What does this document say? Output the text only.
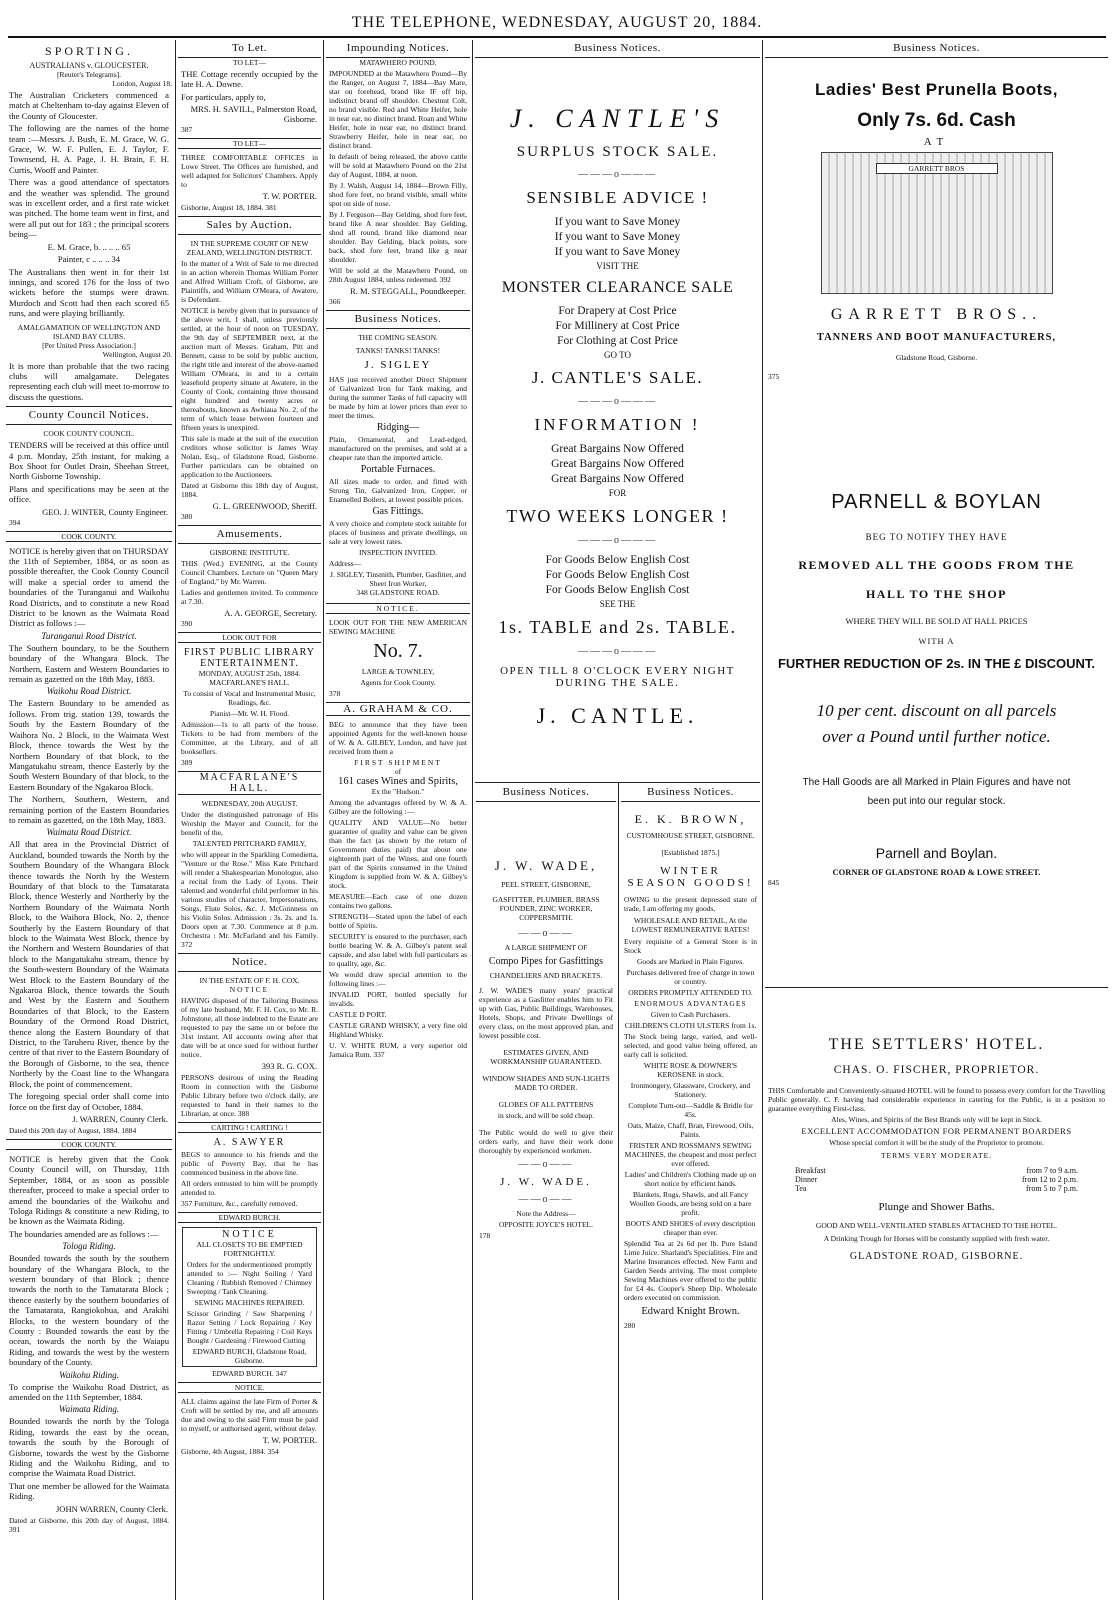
THE TELEPHONE, WEDNESDAY, AUGUST 20, 1884.
SPORTING.
AUSTRALIANS v. GLOUCESTER.
[Reuter's Telegrams].
London, August 18.

The Australian Cricketers commenced a match at Cheltenham to-day against Eleven of the County of Gloucester.

The following are the names of the home team :—Messrs. J. Bush, E. M. Grace, W. G. Grace, W. W. F. Pullen, E. J. Taylor, F. Townsend, H. A. Page, J. H. Brain, F. H. Curtis, Wooff and Painter.

There was a good attendance of spectators and the weather was splendid. The ground was in excellent order, and a first rate wicket was pitched. The home team went in first, and were all put out for 183 ; the principal scorers being—

E. M. Grace, b. .. .. .. 65

Painter, c .. .. .. 34

The Australians then went in for their 1st innings, and scored 176 for the loss of two wickets before the stumps were drawn. Murdoch and Scott had then each scored 65 runs, and were playing brilliantly.

AMALGAMATION OF WELLINGTON AND ISLAND BAY CLUBS.
[Per United Press Association.]
Wellington, August 20.

It is more than probable that the two racing clubs will amalgamate. Delegates representing each club will meet to-morrow to discuss the questions.

County Council Notices.
COOK COUNTY COUNCIL.

TENDERS will be received at this office until 4 p.m. Monday, 25th instant, for making a Box Shoot for Outlet Drain, Sheehan Street, North Gisborne Township.

Plans and specifications may be seen at the office.

GEO. J. WINTER, County Engineer.
394
COOK COUNTY.

NOTICE is hereby given that on THURSDAY the 11th of September, 1884, or as soon as possible thereafter, the Cook County Council will make a special order to amend the boundaries of the Turanganui and Waikohu Road Districts, and to constitute a new Road District to be known as the Waimata Road District as follows :—

Turanganui Road District.

The Southern boundary, to be the Southern boundary of the Whangara Block. The Northern, Eastern and Western Boundaries to remain as gazetted on the 18th May, 1883.

Waikohu Road District.

The Eastern Boundary to be amended as follows. From trig. station 139, towards the South by the Eastern Boundary of the Waihora No. 2 Block, to the Waimata West Block, thence towards the West by the Northern Boundary of that block, to the Mangatukahu stream, thence Easterly by the South Western Boundary of that block, to the Eastern Boundary of the Ngakaroa Block.

The Northern, Southern, Western, and remaining portion of the Eastern Boundaries to remain as gazetted, on the 18th May, 1883.

Waimata Road District.

All that area in the Provincial District of Auckland, bounded towards the North by the Southern Boundary of the Whangara Block thence towards the North by the Western Boundary of that block to the Tamatarata Block, thence Westerly and Northerly by the Northern Boundary of the Waimata North Block, to the Waihora Block, No. 2, thence Southerly by the Eastern Boundary of that block to the Waimata West Block, thence by the Northern and Western Boundaries of that block to the Mangatukahu stream, thence by the South-western Boundary of the Waimata West Block to the Eastern Boundary of the Ngakaroa Block, thence towards the South and West by the Eastern and Southern Boundaries of that Block, to the Eastern Boundary of the Ormond Road District, thence along the Eastern Boundary of that District, to the Taruheru River, thence by the centre of that river to the Eastern Boundary of the Borough of Gisborne, to the sea, thence Northerly by the Coast line to the Whangara Block, the point of commencement.

The foregoing special order shall come into force on the first day of October, 1884.

J. WARREN, County Clerk.

Dated this 20th day of August, 1884. 1884

COOK COUNTY.

NOTICE is hereby given that the Cook County Council will, on Thursday, 11th September, 1884, or as soon as possible thereafter, proceed to make a special order to amend the boundaries of the Waikohu and Tologa Ridings & constitute a new Riding, to be known as the Waimata Riding.

The boundaries amended are as follows :—

Tologa Riding.

Bounded towards the south by the southern boundary of the Whangara Block, to the western boundary of that Block ; thence towards the north to the Tamatarata Block ; thence easterly by the southern boundaries of the Tamatarata, Rangiokohua, and Arakihi Blocks, to the western boundary of the County : Bounded towards the east by the ocean, towards the north by the Waiapu Riding, and towards the west by the western boundary of the County.

Waikohu Riding.

To comprise the Waikohu Road District, as amended on the 11th September, 1884.

Waimata Riding.

Bounded towards the north by the Tologa Riding, towards the east by the ocean, towards the south by the Borough of Gisborne, towards the west by the Gisborne Riding and the Waikohu Riding, and to comprise the Waimata Road District.

That one member be allowed for the Waimata Riding.

JOHN WARREN, County Clerk.

Dated at Gisborne, this 20th day of August, 1884. 391

To Let.
TO LET—

THE Cottage recently occupied by the late H. A. Downe.

For particulars, apply to,

MRS. H. SAVILL, Palmerston Road, Gisborne.
387
TO LET—

THREE COMFORTABLE OFFICES in Lowe Street. The Offices are furnished, and well adapted for Solicitors' Chambers. Apply to

T. W. PORTER.

Gisborne, August 18, 1884. 381

Sales by Auction.
IN THE SUPREME COURT OF NEW ZEALAND, WELLINGTON DISTRICT.

In the matter of a Writ of Sale to me directed in an action wherein Thomas William Porter and Alfred William Croft, of Gisborne, are Plaintiffs, and William O'Meara, of Awatere, is Defendant.

NOTICE is hereby given that in pursuance of the above writ, I shall, unless previously settled, at the hour of noon on TUESDAY, the 9th day of SEPTEMBER next, at the auction mart of Messrs. Graham, Pitt and Bennett, cause to be sold by public auction, the right title and interest of the above-named William O'Meara, in and to a certain leasehold property situate at Awatere, in the County of Cook, containing three thousand eight hundred and twenty acres or thereabouts, known as Awhiaua No. 2, of the term of which lease between fourteen and fifteen years is unexpired.

This sale is made at the suit of the execution creditors whose solicitor is James Wray Nolan, Esq., of Gladstone Road, Gisborne. Further particulars can be obtained on application to the Auctioneers.

Dated at Gisborne this 18th day of August, 1884.

G. L. GREENWOOD, Sheriff.
380
Amusements.
GISBORNE INSTITUTE.

THIS (Wed.) EVENING, at the County Council Chambers. Lecture on "Queen Mary of England," by Mr. Warren.

Ladies and gentlemen invited. To commence at 7.30.

A. A. GEORGE, Secretary.
390
LOOK OUT FOR
FIRST PUBLIC LIBRARY ENTERTAINMENT.
MONDAY, AUGUST 25th, 1884.
MACFARLANE'S HALL.

To consist of Vocal and Instrumental Music, Readings, &c.

Pianist—Mr. W. H. Flood.

Admission—1s to all parts of the house. Tickets to be had from members of the Committee, at the Library, and of all booksellers.

389
MACFARLANE'S HALL.
WEDNESDAY, 20th AUGUST.

Under the distinguished patronage of His Worship the Mayor and Council, for the benefit of the,

TALENTED PRITCHARD FAMILY,

who will appear in the Sparkling Comedietta, "Venture or the Rose." Miss Kate Pritchard will render a Shakespearian Monologue, also a recital from the Lady of Lyons. Their talented and wonderful child performer in his various studies of character, Impersonations, Songs, Flute Solos, &c. J. McGuinness on his Violin Solos. Admission : 3s. 2s. and 1s. Doors open at 7.30. Commence at 8 p.m. Orchestra : Mr. McFarland and his Family. 372

Notice.
IN THE ESTATE OF F. H. COX.
NOTICE

HAVING disposed of the Tailoring Business of my late husband, Mr. F. H. Cox, to Mr. R. Johnstone, all those indebted to the Estate are requested to pay the same on or before the 31st instant. All accounts owing after that date will be at once sued for without further notice.

393 R. G. COX.

PERSONS desirous of using the Reading Room in connection with the Gisborne Public Library before two o'clock daily, are requested to hand in their names to the Librarian, at once. 388

CARTING ! CARTING !
A. SAWYER

BEGS to announce to his friends and the public of Poverty Bay, that he has commenced business in the above line.

All orders entrusted to him will be promptly attended to.

357 Furniture, &c., carefully removed.

EDWARD BURCH.
NOTICE
ALL CLOSETS TO BE EMPTIED FORTNIGHTLY.

Orders for the undermentioned promptly attended to :— Night Soiling / Yard Cleaning / Rubbish Removed / Chimney Sweeping / Tank Cleaning.

SEWING MACHINES REPAIRED.

Scissor Grinding / Saw Sharpening / Razor Setting / Lock Repairing / Key Fitting / Umbrella Repairing / Coil Keys Bought / Gardening / Firewood Cutting

EDWARD BURCH, Gladstone Road, Gisborne.
EDWARD BURCH. 347
NOTICE.

ALL claims against the late Firm of Porter & Croft will be settled by me, and all amounts due and owing to the said Firm must be paid to myself, or authorised agent, without delay.

T. W. PORTER.

Gisborne, 4th August, 1884. 354

Impounding Notices.
MATAWHERO POUND.

IMPOUNDED at the Matawhero Pound—By the Ranger, on August 7, 1884—Bay Mare, star on forehead, brand like IF off hip, indistinct brand off shoulder. Chestnut Colt, no brand visible. Red and White Heifer, hole in near ear, no distinct brand. Roan and White Heifer, hole in near ear, no distinct brand. Strawberry Heifer, hole in near ear, no distinct brand.

In default of being released, the above cattle will be sold at Matawhero Pound on the 21st day of August, 1884, at noon.

By J. Walsh, August 14, 1884—Brown Filly, shod fore feet, no brand visible, small white spot on side of nose.

By J. Ferguson—Bay Gelding, shod fore feet, brand like A near shoulder. Bay Gelding, shod all round, brand like diamond near shoulder. Bay Gelding, black points, sore back, shod fore feet, brand like g near shoulder.

Will be sold at the Matawhero Pound, on 28th August 1884, unless redeemed. 392

R. M. STEGGALL, Poundkeeper.
366
Business Notices.
THE COMING SEASON.
TANKS! TANKS! TANKS!
J. SIGLEY

HAS just received another Direct Shipment of Galvanized Iron for Tank making, and during the summer Tanks of full capacity will be made by him at lower prices than ever to meet the times.

Ridging—

Plain, Ornamental, and Lead-edged, manufactured on the premises, and sold at a cheaper rate than the imported article.

Portable Furnaces.

All sizes made to order, and fitted with Strong Tin, Galvanized Iron, Copper, or Enamelled Boilers, at lowest possible prices.

Gas Fittings.

A very choice and complete stock suitable for places of business and private dwellings, on sale at very lowest rates.

INSPECTION INVITED.

Address—

J. SIGLEY, Tinsmith, Plumber, Gasfitter, and Sheet Iron Worker,
348 GLADSTONE ROAD.
NOTICE.

LOOK OUT FOR THE NEW AMERICAN SEWING MACHINE

No. 7.
LARGE & TOWNLEY,

Agents for Cook County.

378
A. GRAHAM & CO.

BEG to announce that they have been appointed Agents for the well-known house of W. & A. GILBEY, London, and have just received from them a

FIRST SHIPMENT
of
161 cases Wines and Spirits,
Ex the "Hudson."

Among the advantages offered by W. & A. Gilbey are the following :—

QUALITY AND VALUE—No better guarantee of quality and value can be given than the fact (as shown by the return of Government duties paid) that about one eighteenth part of the Wines, and one fourth part of the Spirits consumed in the United Kingdom is supplied from W. & A. Gilbey's stock.

MEASURE—Each case of one dozen contains two gallons.

STRENGTH—Stated upon the label of each bottle of Spirits.

SECURITY is ensured to the purchaser, each bottle bearing W. & A. Gilbey's patent seal capsule, and also label with full particulars as to quality, age, &c.

We would draw special attention to the following lines :—

INVALID PORT, bottled specially for invalids.

CASTLE D PORT.

CASTLE GRAND WHISKY, a very fine old Highland Whisky.

U. V. WHITE RUM, a very superior old Jamaica Rum. 337

Business Notices.
J. CANTLE'S
SURPLUS STOCK SALE.
———o———
SENSIBLE ADVICE !
If you want to Save Money
If you want to Save Money
If you want to Save Money
VISIT THE
MONSTER CLEARANCE SALE
For Drapery at Cost Price
For Millinery at Cost Price
For Clothing at Cost Price
GO TO
J. CANTLE'S SALE.
———o———
INFORMATION !
Great Bargains Now Offered
Great Bargains Now Offered
Great Bargains Now Offered
FOR
TWO WEEKS LONGER !
———o———
For Goods Below English Cost
For Goods Below English Cost
For Goods Below English Cost
SEE THE
1s. TABLE and 2s. TABLE.
———o———
OPEN TILL 8 O'CLOCK EVERY NIGHT DURING THE SALE.
J. CANTLE.
Business Notices.
J. W. WADE,
PEEL STREET, GISBORNE,
GASFITTER, PLUMBER, BRASS FOUNDER, ZINC WORKER, COPPERSMITH.
——o——
A LARGE SHIPMENT OF
Compo Pipes for Gasfittings
CHANDELIERS AND BRACKETS.

J. W. WADE'S many years' practical experience as a Gasfitter enables him to Fit up with Gas, Public Buildings, Warehouses, Hotels, Shops, and Private Dwellings of every class, on the most approved plan, and lowest possible cost.

ESTIMATES GIVEN, AND WORKMANSHIP GUARANTEED.
WINDOW SHADES AND SUN-LIGHTS MADE TO ORDER.
GLOBES OF ALL PATTERNS

in stock, and will be sold cheap.

The Public would do well to give their orders early, and have their work done thoroughly by experienced workmen.

——o——
J. W. WADE.
——o——

Note the Address—

OPPOSITE JOYCE'S HOTEL.

178
Business Notices.
E. K. BROWN,
CUSTOMHOUSE STREET, GISBORNE.
[Established 1875.]
WINTER SEASON GOODS!

OWING to the present depressed state of trade, I am offering my goods,

WHOLESALE AND RETAIL, At the LOWEST REMUNERATIVE RATES!

Every requisite of a General Store is in Stock

Goods are Marked in Plain Figures.

Purchases delivered free of charge in town or country.

ORDERS PROMPTLY ATTENDED TO.

ENORMOUS ADVANTAGES

Given to Cash Purchasers.

CHILDREN'S CLOTH ULSTERS from 1s.

The Stock being large, varied, and well-selected, and good value being offered, an early call is solicited.

WHITE ROSE & DOWNER'S KEROSENE in stock.

Ironmongery, Glassware, Crockery, and Stationery.

Complete Turn-out—Saddle & Bridle for 45s.

Oats, Maize, Chaff, Bran, Firewood, Oils, Paints.

FRISTER AND ROSSMAN'S SEWING MACHINES, the cheapest and most perfect ever offered.

Ladies' and Children's Clothing made up on short notice by efficient hands.

Blankets, Rugs, Shawls, and all Fancy Woollen Goods, are being sold on a bare profit.

BOOTS AND SHOES of every description cheaper than ever.

Splendid Tea at 2s 6d per lb. Pure Island Lime Juice. Sharland's Specialities. Fire and Marine Insurances effected. New Farm and Garden Seeds arriving. The most complete Sewing Machines ever offered to the public for £4 4s. Cooper's Sheep Dip. Wholesale orders executed on commission.

Edward Knight Brown.
280
Business Notices.
Ladies' Best Prunella Boots,
Only 7s. 6d. Cash
AT
GARRETT BROS
GARRETT BROS..
TANNERS AND BOOT MANUFACTURERS,
Gladstone Road, Gisborne.
375
PARNELL & BOYLAN
BEG TO NOTIFY THEY HAVE
REMOVED ALL THE GOODS FROM THE
HALL TO THE SHOP
WHERE THEY WILL BE SOLD AT HALL PRICES
WITH A
FURTHER REDUCTION OF 2s. IN THE £ DISCOUNT.
10 per cent. discount on all parcels
over a Pound until further notice.
The Hall Goods are all Marked in Plain Figures and have not been put into our regular stock.
Parnell and Boylan.
CORNER OF GLADSTONE ROAD & LOWE STREET.
845
THE SETTLERS' HOTEL.
CHAS. O. FISCHER, PROPRIETOR.

THIS Comfortable and Conveniently-situated HOTEL will be found to possess every comfort for the Travelling Public generally. C. F. having had considerable experience in catering for the Public, is in a position to guarantee everything First-class.

Ales, Wines, and Spirits of the Best Brands only will be kept in Stock.

EXCELLENT ACCOMMODATION FOR PERMANENT BOARDERS

Whose special comfort it will be the study of the Proprietor to promote.

TERMS VERY MODERATE.
Breakfast	from 7 to 9 a.m.
Dinner	from 12 to 2 p.m.
Tea	from 5 to 7 p.m.
Plunge and Shower Baths.
GOOD AND WELL-VENTILATED STABLES ATTACHED TO THE HOTEL.
A Drinking Trough for Horses will be constantly supplied with fresh water.
GLADSTONE ROAD, GISBORNE.
